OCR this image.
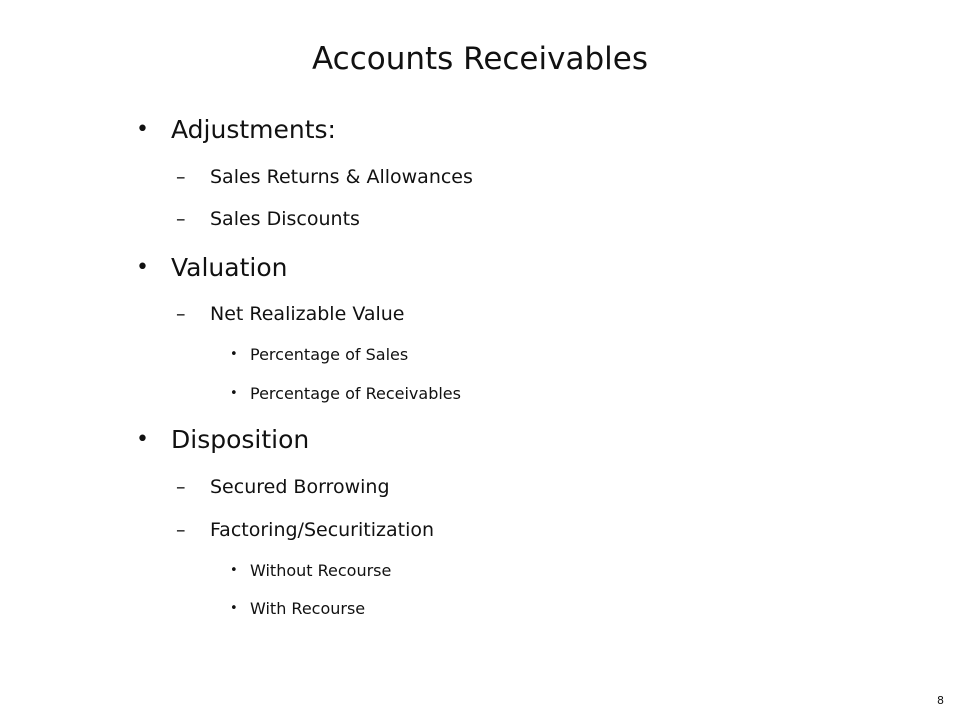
Accounts Receivables
• Adjustments:
–	Sales Returns & Allowances
–	Sales Discounts
• Valuation
–	Net Realizable Value
• Percentage of Sales
• Percentage of Receivables
• Disposition
–	Secured Borrowing
–	Factoring/Securitization
• Without Recourse
• With Recourse
8
